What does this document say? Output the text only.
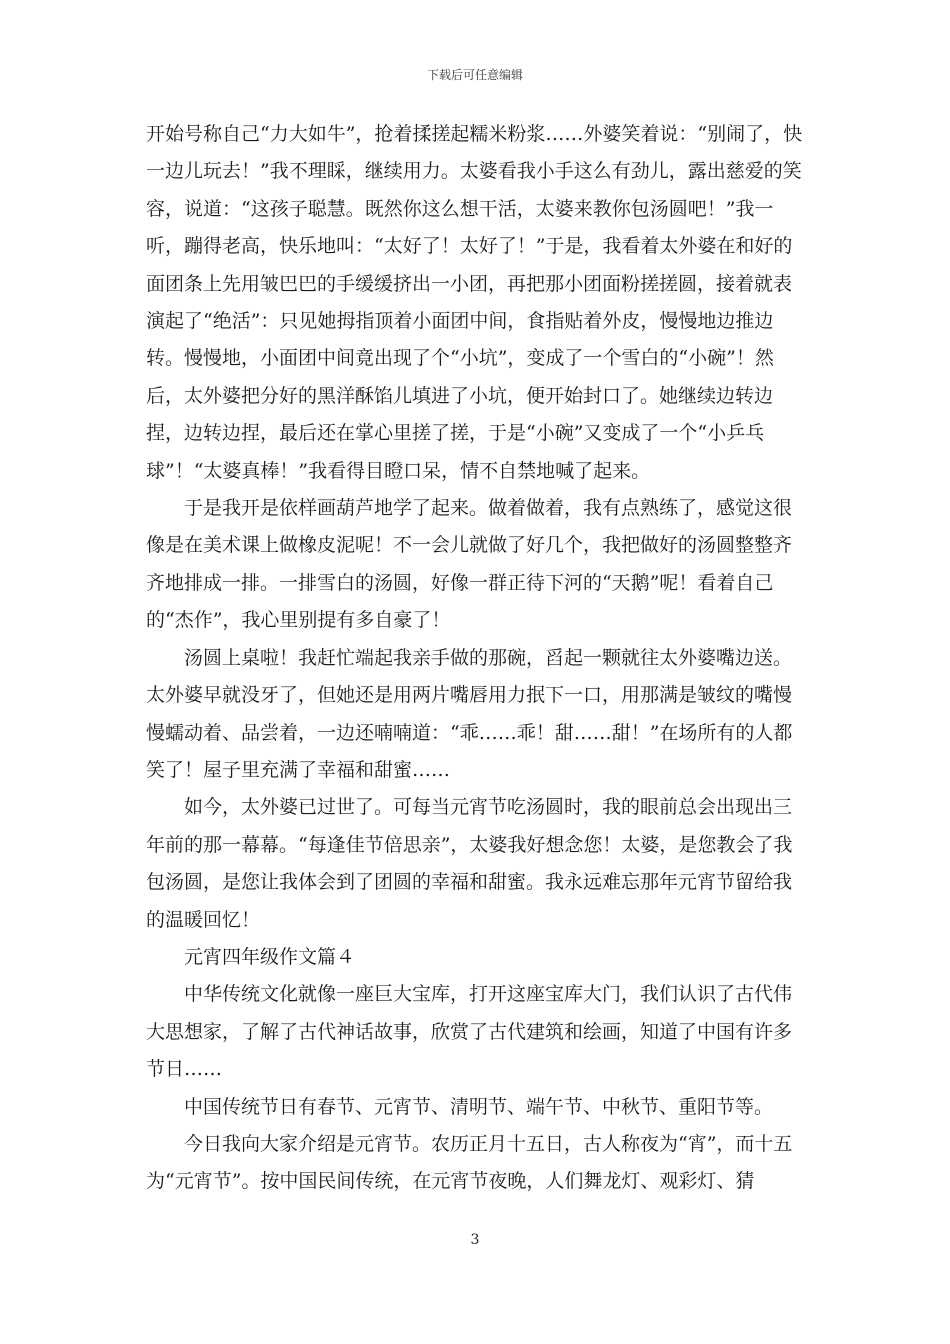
下载后可任意编辑

开始号称自己“力大如牛”，抢着揉搓起糯米粉浆……外婆笑着说：“别闹了，快一边儿玩去！”我不理睬，继续用力。太婆看我小手这么有劲儿，露出慈爱的笑容，说道：“这孩子聪慧。既然你这么想干活，太婆来教你包汤圆吧！”我一听，蹦得老高，快乐地叫：“太好了！太好了！”于是，我看着太外婆在和好的面团条上先用皱巴巴的手缓缓挤出一小团，再把那小团面粉搓搓圆，接着就表演起了“绝活”：只见她拇指顶着小面团中间，食指贴着外皮，慢慢地边推边转。慢慢地，小面团中间竟出现了个“小坑”，变成了一个雪白的“小碗”！然后，太外婆把分好的黑洋酥馅儿填进了小坑，便开始封口了。她继续边转边捏，边转边捏，最后还在掌心里搓了搓，于是“小碗”又变成了一个“小乒乓球”！“太婆真棒！”我看得目瞪口呆，情不自禁地喊了起来。

于是我开是依样画葫芦地学了起来。做着做着，我有点熟练了，感觉这很像是在美术课上做橡皮泥呢！不一会儿就做了好几个，我把做好的汤圆整整齐齐地排成一排。一排雪白的汤圆，好像一群正待下河的“天鹅”呢！看着自己的“杰作”，我心里别提有多自豪了！

汤圆上桌啦！我赶忙端起我亲手做的那碗，舀起一颗就往太外婆嘴边送。太外婆早就没牙了，但她还是用两片嘴唇用力抿下一口，用那满是皱纹的嘴慢慢蠕动着、品尝着，一边还喃喃道：“乖……乖！甜……甜！”在场所有的人都笑了！屋子里充满了幸福和甜蜜……

如今，太外婆已过世了。可每当元宵节吃汤圆时，我的眼前总会出现出三年前的那一幕幕。“每逢佳节倍思亲”，太婆我好想念您！太婆，是您教会了我包汤圆，是您让我体会到了团圆的幸福和甜蜜。我永远难忘那年元宵节留给我的温暖回忆！

元宵四年级作文篇４

中华传统文化就像一座巨大宝库，打开这座宝库大门，我们认识了古代伟大思想家，了解了古代神话故事，欣赏了古代建筑和绘画，知道了中国有许多节日……

中国传统节日有春节、元宵节、清明节、端午节、中秋节、重阳节等。

今日我向大家介绍是元宵节。农历正月十五日，古人称夜为“宵”，而十五为“元宵节”。按中国民间传统，在元宵节夜晚，人们舞龙灯、观彩灯、猜

3
